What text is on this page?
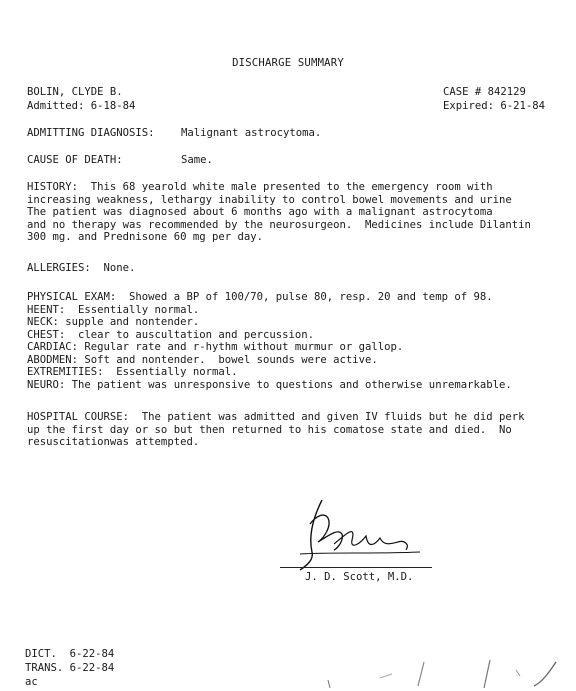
DISCHARGE SUMMARY
BOLIN, CLYDE B.
Admitted: 6-18-84
CASE # 842129
Expired: 6-21-84
ADMITTING DIAGNOSIS: Malignant astrocytoma.
CAUSE OF DEATH:	Same.
HISTORY:  This 68 yearold white male presented to the emergency room with
increasing weakness, lethargy inability to control bowel movements and urine
The patient was diagnosed about 6 months ago with a malignant astrocytoma
and no therapy was recommended by the neurosurgeon.  Medicines include Dilantin
300 mg. and Prednisone 60 mg per day.
ALLERGIES:  None.
PHYSICAL EXAM:  Showed a BP of 100/70, pulse 80, resp. 20 and temp of 98.
HEENT:  Essentially normal.
NECK: supple and nontender.
CHEST:  clear to auscultation and percussion.
CARDIAC: Regular rate and r-hythm without murmur or gallop.
ABODMEN: Soft and nontender.  bowel sounds were active.
EXTREMITIES:  Essentially normal.
NEURO: The patient was unresponsive to questions and otherwise unremarkable.
HOSPITAL COURSE:  The patient was admitted and given IV fluids but he did perk
up the first day or so but then returned to his comatose state and died.  No
resuscitationwas attempted.
J. D. Scott, M.D.
DICT.  6-22-84
TRANS. 6-22-84
ac
